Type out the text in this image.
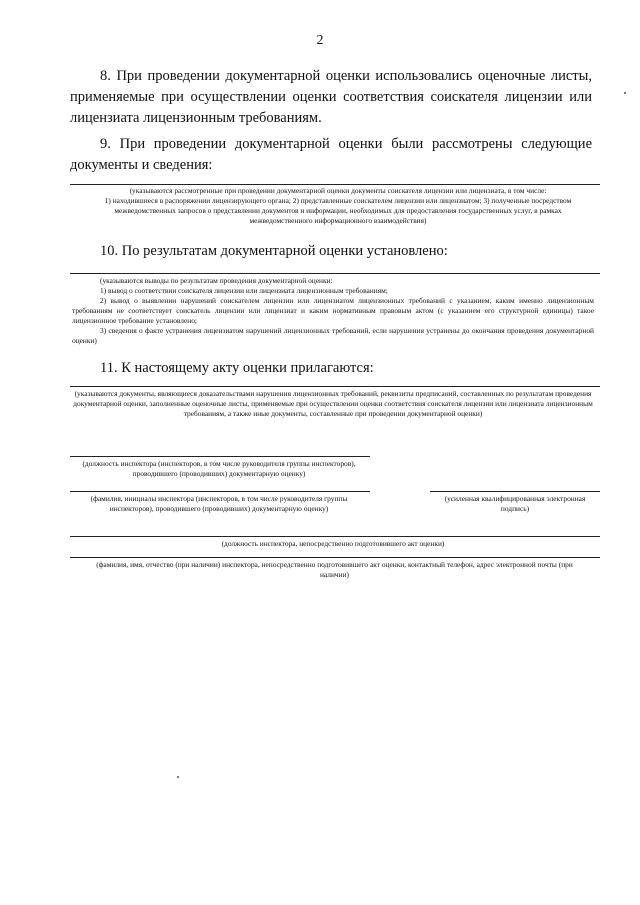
2
8. При проведении документарной оценки использовались оценочные листы, применяемые при осуществлении оценки соответствия соискателя лицензии или лицензиата лицензионным требованиям.
9. При проведении документарной оценки были рассмотрены следующие документы и сведения:

(указываются рассмотренные при проведении документарной оценки документы соискателя лицензии или лицензиата, в том числе:

1) находившиеся в распоряжении лицензирующего органа; 2) представленные соискателем лицензии или лицензиатом; 3) полученные посредством межведомственных запросов о представлении документов и информации, необходимых для предоставления государственных услуг, в рамках межведомственного информационного взаимодействия)

10. По результатам документарной оценки установлено:

(указываются выводы по результатам проведения документарной оценки:

1) вывод о соответствии соискателя лицензии или лицензиата лицензионным требованиям;

2) вывод о выявлении нарушений соискателем лицензии или лицензиатом лицензионных требований с указанием, каким именно лицензионным требованиям не соответствует соискатель лицензии или лицензиат и каким нормативным правовым актом (с указанием его структурной единицы) такое лицензионное требование установлено;

3) сведения о факте устранения лицензиатом нарушений лицензионных требований, если нарушения устранены до окончания проведения документарной оценки)

11. К настоящему акту оценки прилагаются:
(указываются документы, являющиеся доказательствами нарушения лицензионных требований, реквизиты предписаний, составленных по результатам проведения документарной оценки, заполненные оценочные листы, применяемые при осуществлении оценки соответствия соискателя лицензии или лицензиата лицензионным требованиям, а также иные документы, составленные при проведении документарной оценки)
(должность инспектора (инспекторов, в том числе руководителя группы инспекторов), проводившего (проводивших) документарную оценку)
(фамилия, инициалы инспектора (инспекторов, в том числе руководителя группы инспекторов), проводившего (проводивших) документарную оценку)
(усиленная квалифицированная электронная подпись)
(должность инспектора, непосредственно подготовившего акт оценки)
(фамилия, имя, отчество (при наличии) инспектора, непосредственно подготовившего акт оценки, контактный телефон, адрес электронной почты (при наличии)
